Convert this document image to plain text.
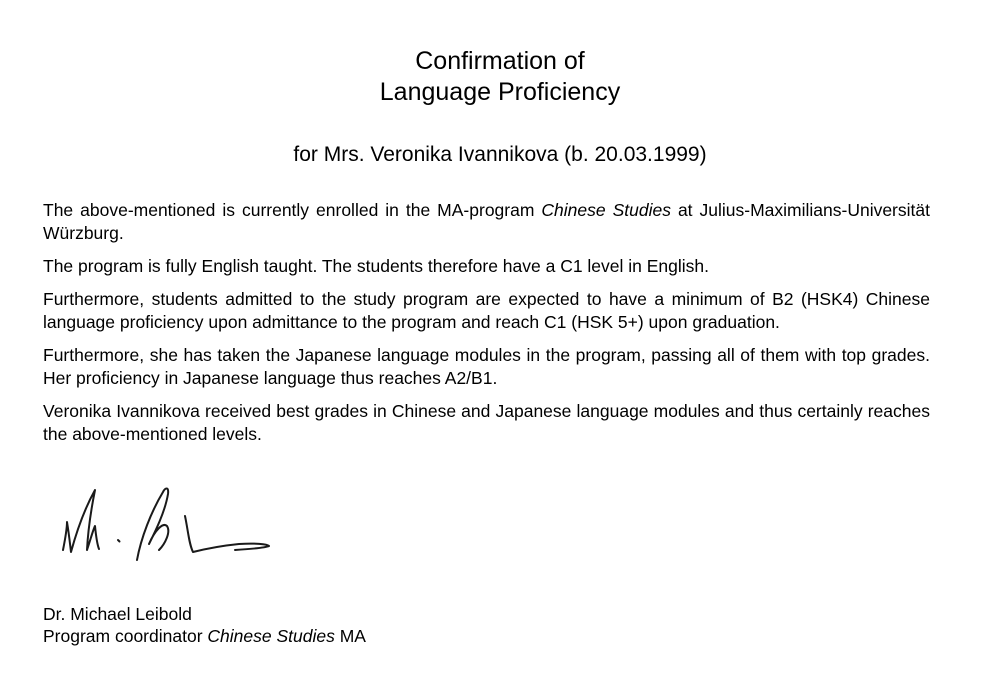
Confirmation of
Language Proficiency
for Mrs. Veronika Ivannikova (b. 20.03.1999)

The above-mentioned is currently enrolled in the MA-program Chinese Studies at Julius-Maximilians-Universität Würzburg.

The program is fully English taught. The students therefore have a C1 level in English.

Furthermore, students admitted to the study program are expected to have a minimum of B2 (HSK4) Chinese language proficiency upon admittance to the program and reach C1 (HSK 5+) upon graduation.

Furthermore, she has taken the Japanese language modules in the program, passing all of them with top grades. Her proficiency in Japanese language thus reaches A2/B1.

Veronika Ivannikova received best grades in Chinese and Japanese language modules and thus certainly reaches the above-mentioned levels.

Dr. Michael Leibold
Program coordinator Chinese Studies MA
